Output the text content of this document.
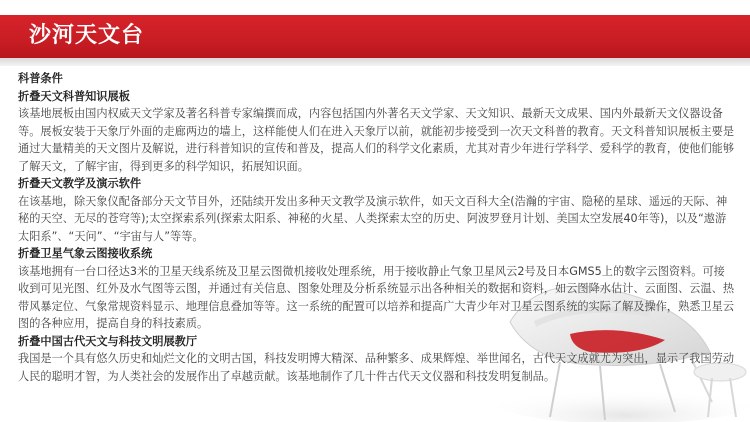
沙河天文台
科普条件
折叠天文科普知识展板

该基地展板由国内权威天文学家及著名科普专家编撰而成，内容包括国内外著名天文学家、天文知识、最新天文成果、国内外最新天文仪器设备等。展板安装于天象厅外面的走廊两边的墙上，这样能使人们在进入天象厅以前，就能初步接受到一次天文科普的教育。天文科普知识展板主要是通过大量精美的天文图片及解说，进行科普知识的宣传和普及，提高人们的科学文化素质，尤其对青少年进行学科学、爱科学的教育，使他们能够了解天文，了解宇宙，得到更多的科学知识，拓展知识面。

折叠天文教学及演示软件

在该基地，除天象仪配备部分天文节目外，还陆续开发出多种天文教学及演示软件，如天文百科大全(浩瀚的宇宙、隐秘的星球、遥远的天际、神秘的天空、无尽的苍穹等);太空探索系列(探索太阳系、神秘的火星、人类探索太空的历史、阿波罗登月计划、美国太空发展40年等)，以及“遨游太阳系”、“天问”、“宇宙与人”等等。

折叠卫星气象云图接收系统

该基地拥有一台口径达3米的卫星天线系统及卫星云图微机接收处理系统，用于接收静止气象卫星风云2号及日本GMS5上的数字云图资料。可接收到可见光图、红外及水气图等云图，并通过有关信息、图象处理及分析系统显示出各种相关的数据和资料，如云图降水估计、云面图、云温、热带风暴定位、气象常规资料显示、地理信息叠加等等。这一系统的配置可以培养和提高广大青少年对卫星云图系统的实际了解及操作，熟悉卫星云图的各种应用，提高自身的科技素质。

折叠中国古代天文与科技文明展教厅

我国是一个具有悠久历史和灿烂文化的文明古国，科技发明博大精深、品种繁多、成果辉煌、举世闻名，古代天文成就尤为突出，显示了我国劳动人民的聪明才智，为人类社会的发展作出了卓越贡献。该基地制作了几十件古代天文仪器和科技发明复制品。
